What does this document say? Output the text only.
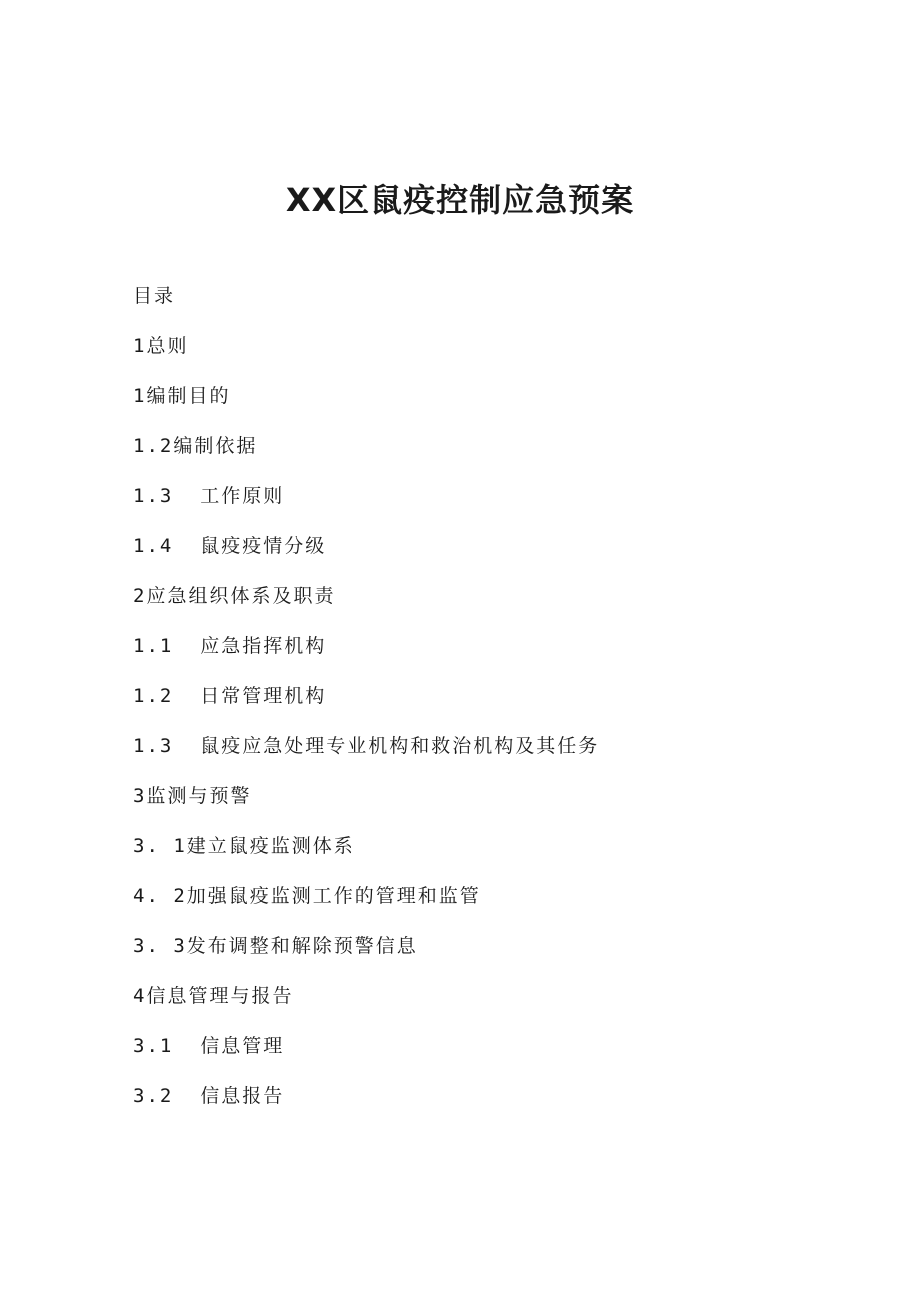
XX区鼠疫控制应急预案
目录
1总则
1编制目的
1.2编制依据
1.3  工作原则
1.4  鼠疫疫情分级
2应急组织体系及职责
1.1  应急指挥机构
1.2  日常管理机构
1.3  鼠疫应急处理专业机构和救治机构及其任务
3监测与预警
3. 1建立鼠疫监测体系
4. 2加强鼠疫监测工作的管理和监管
3. 3发布调整和解除预警信息
4信息管理与报告
3.1  信息管理
3.2  信息报告
